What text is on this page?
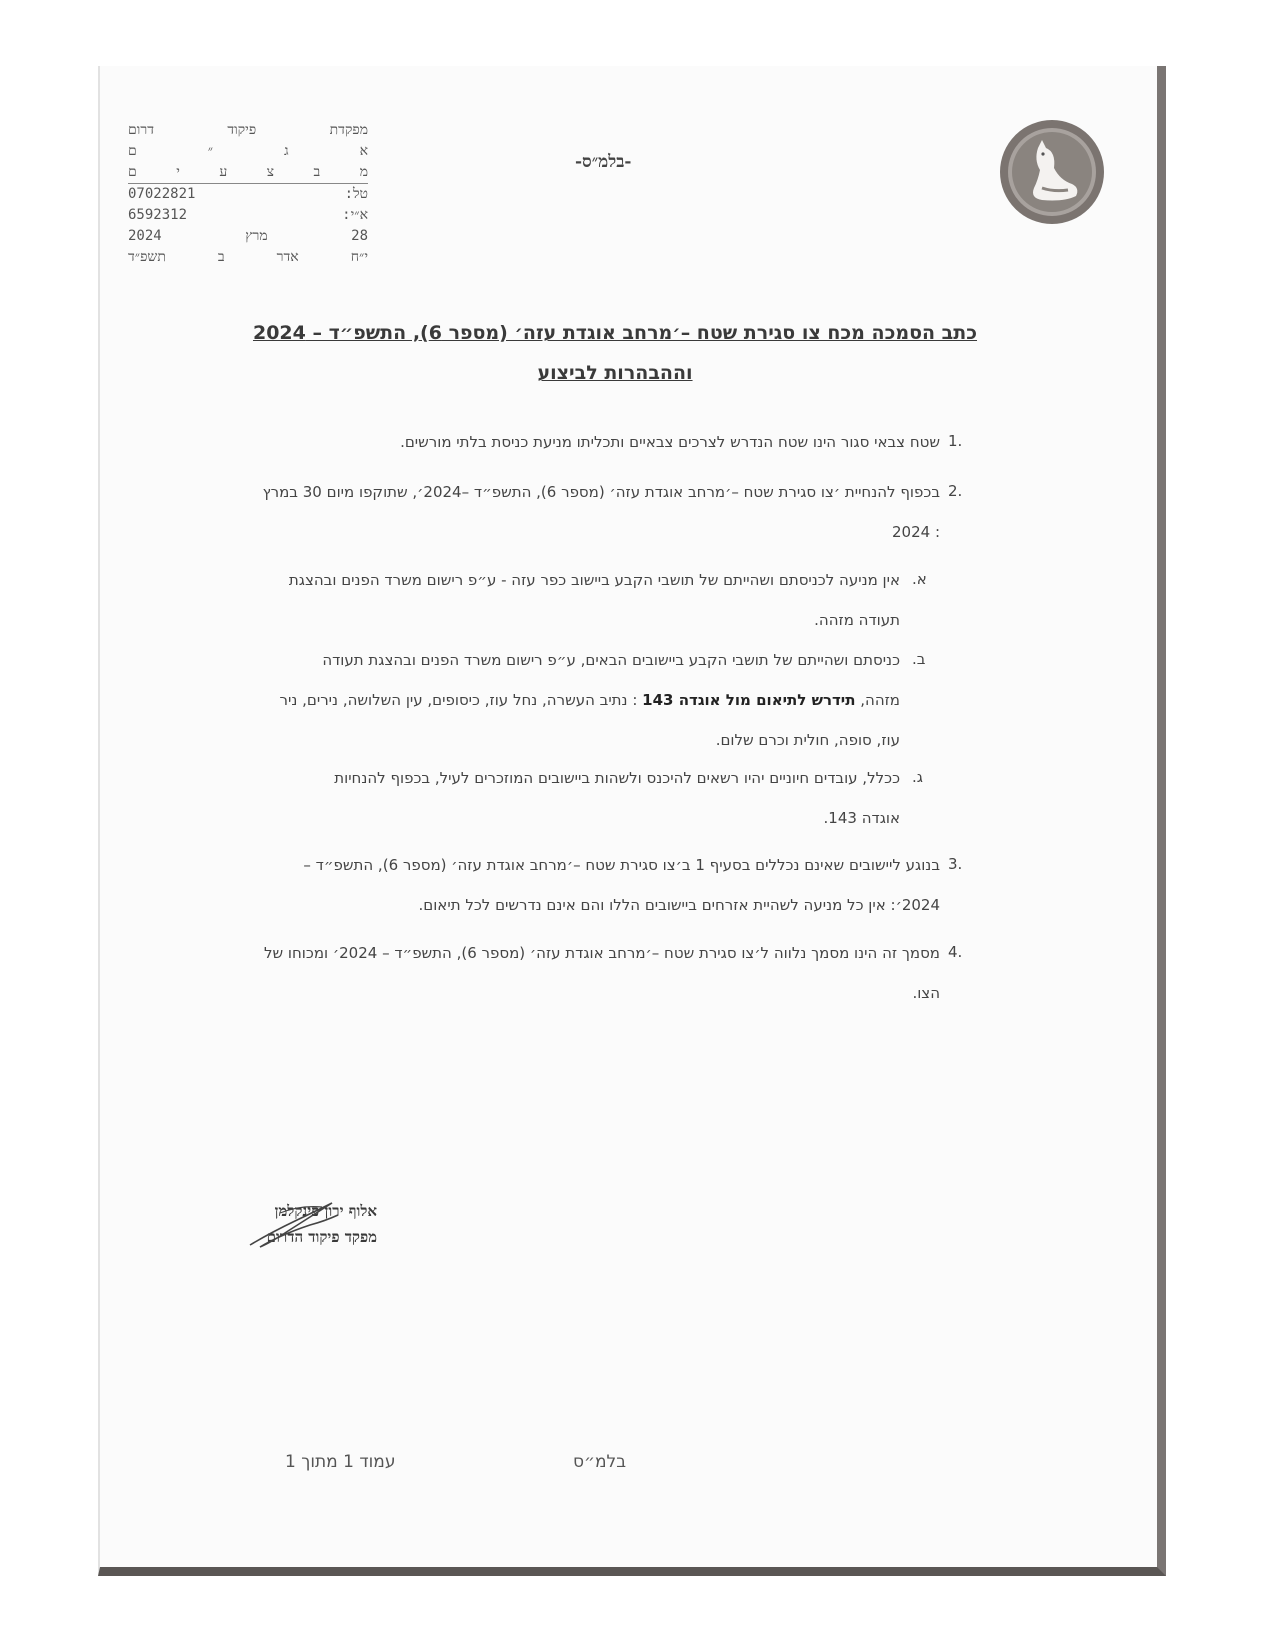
מפקדת
פיקוד
דרום
א
ג
״
ם
מ
ב
צ
ע
י
ם
טל:
07022821
א״י:
6592312
28
מרץ
2024
י״ח
אדר
ב
תשפ״ד
-בלמ״ס-
כתב הסמכה מכח צו סגירת שטח –׳מרחב אוגדת עזה׳ (מספר 6), התשפ״ד – 2024
וההבהרות לביצוע
.1
שטח צבאי סגור הינו שטח הנדרש לצרכים צבאיים ותכליתו מניעת כניסת בלתי מורשים.
.2
בכפוף להנחיית ׳צו סגירת שטח –׳מרחב אוגדת עזה׳ (מספר 6), התשפ״ד –2024׳, שתוקפו מיום 30 במרץ
: 2024
א.
אין מניעה לכניסתם ושהייתם של תושבי הקבע ביישוב כפר עזה - ע״פ רישום משרד הפנים ובהצגת
תעודה מזהה.
ב.
כניסתם ושהייתם של תושבי הקבע ביישובים הבאים, ע״פ רישום משרד הפנים ובהצגת תעודה
מזהה, תידרש לתיאום מול אוגדה 143 : נתיב העשרה, נחל עוז, כיסופים, עין השלושה, נירים, ניר
עוז, סופה, חולית וכרם שלום.
ג.
ככלל, עובדים חיוניים יהיו רשאים להיכנס ולשהות ביישובים המוזכרים לעיל, בכפוף להנחיות
אוגדה 143.
.3
בנוגע ליישובים שאינם נכללים בסעיף 1 ב׳צו סגירת שטח –׳מרחב אוגדת עזה׳ (מספר 6), התשפ״ד –
2024׳: אין כל מניעה לשהיית אזרחים ביישובים הללו והם אינם נדרשים לכל תיאום.
.4
מסמך זה הינו מסמך נלווה ל׳צו סגירת שטח –׳מרחב אוגדת עזה׳ (מספר 6), התשפ״ד – 2024׳ ומכוחו של
הצו.
אלוף ירון פינקלמן
מפקד פיקוד הדרום
בלמ״ס
עמוד 1 מתוך 1
